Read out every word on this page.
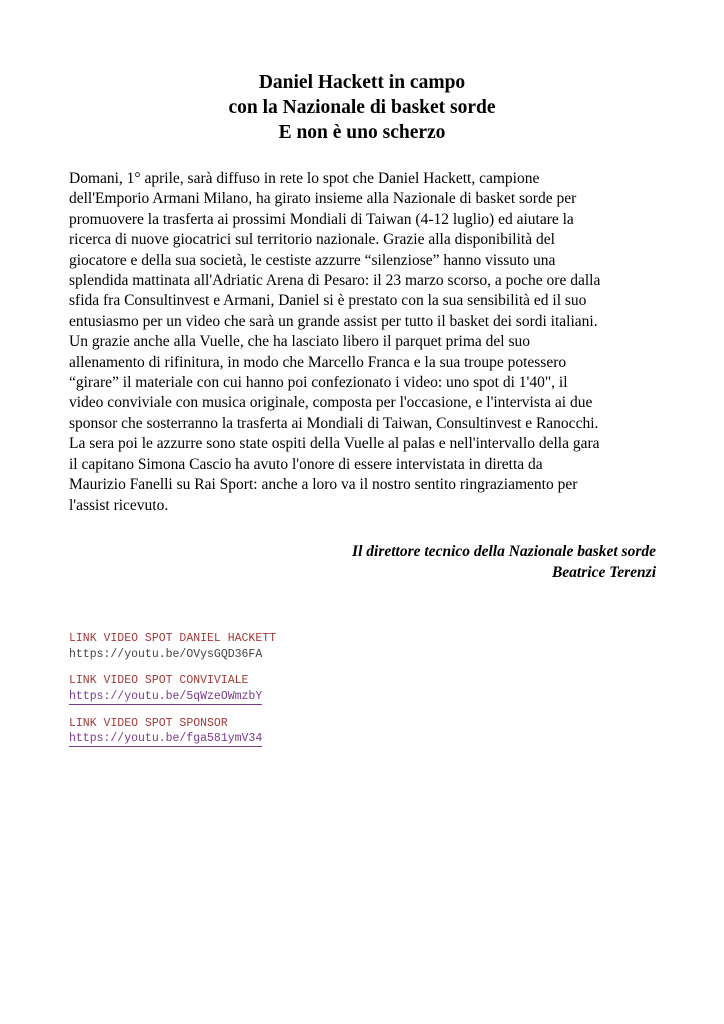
Daniel Hackett in campo
con la Nazionale di basket sorde
E non è uno scherzo
Domani, 1° aprile, sarà diffuso in rete lo spot che Daniel Hackett, campione
dell'Emporio Armani Milano, ha girato insieme alla Nazionale di basket sorde per
promuovere la trasferta ai prossimi Mondiali di Taiwan (4-12 luglio) ed aiutare la
ricerca di nuove giocatrici sul territorio nazionale. Grazie alla disponibilità del
giocatore e della sua società, le cestiste azzurre “silenziose” hanno vissuto una
splendida mattinata all'Adriatic Arena di Pesaro: il 23 marzo scorso, a poche ore dalla
sfida fra Consultinvest e Armani, Daniel si è prestato con la sua sensibilità ed il suo
entusiasmo per un video che sarà un grande assist per tutto il basket dei sordi italiani.
Un grazie anche alla Vuelle, che ha lasciato libero il parquet prima del suo
allenamento di rifinitura, in modo che Marcello Franca e la sua troupe potessero
“girare” il materiale con cui hanno poi confezionato i video: uno spot di 1'40", il
video conviviale con musica originale, composta per l'occasione, e l'intervista ai due
sponsor che sosterranno la trasferta ai Mondiali di Taiwan, Consultinvest e Ranocchi.
La sera poi le azzurre sono state ospiti della Vuelle al palas e nell'intervallo della gara
il capitano Simona Cascio ha avuto l'onore di essere intervistata in diretta da
Maurizio Fanelli su Rai Sport: anche a loro va il nostro sentito ringraziamento per
l'assist ricevuto.
Il direttore tecnico della Nazionale basket sorde
Beatrice Terenzi
LINK VIDEO SPOT DANIEL HACKETT
https://youtu.be/OVysGQD36FA
LINK VIDEO SPOT CONVIVIALE
https://youtu.be/5qWzeOWmzbY
LINK VIDEO SPOT SPONSOR
https://youtu.be/fga581ymV34
